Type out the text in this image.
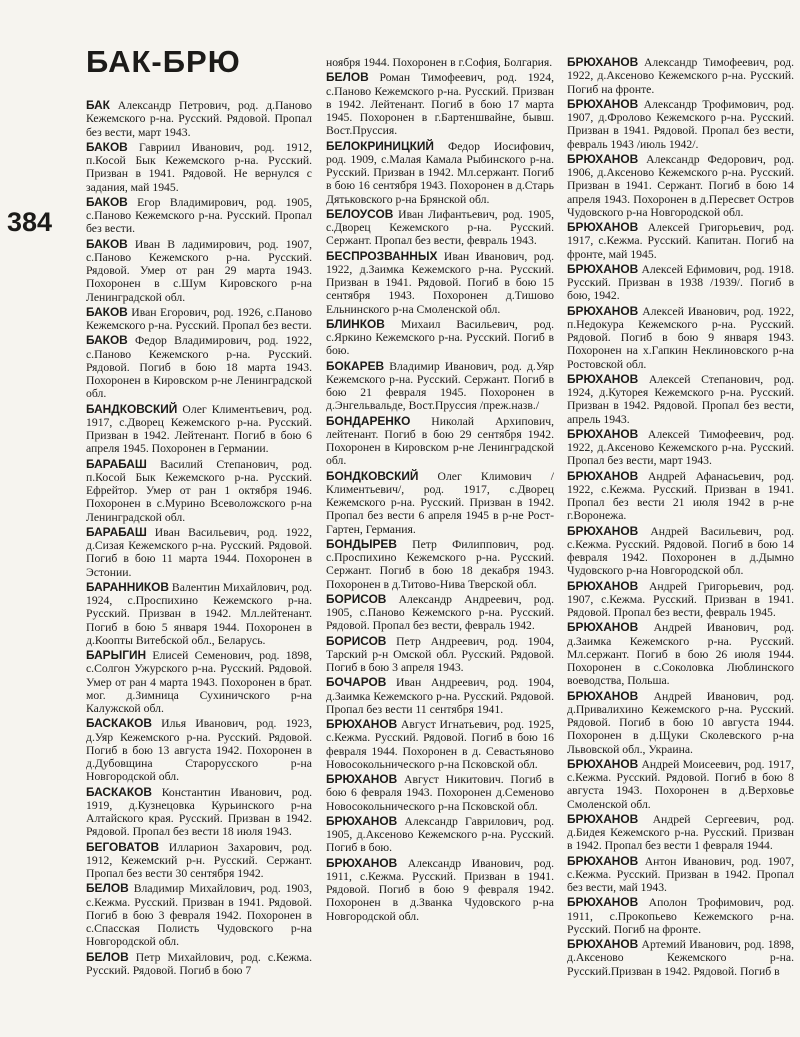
БАК-БРЮ
384
БАК Александр Петрович, род. д.Панoво Кежемского р-на. Русский. Рядовой. Пропал без вести, март 1943.
БАКОВ Гавриил Иванович, род. 1912, п.Косой Бык Кежемского р-на. Русский. Призван в 1941. Рядовой. Не вернулся с задания, май 1945.
БАКОВ Егор Владимирович, род. 1905, с.Паново Кежемского р-на. Русский. Пропал без вести.
БАКОВ Иван В ладимирович, род. 1907, с.Паново Кежемского р-на. Русский. Рядовой. Умер от ран 29 марта 1943. Похоронен в с.Шум Кировского р-на Ленинградской обл.
БАКОВ Иван Егорович, род. 1926, с.Паново Кежемского р-на. Русский. Пропал без вести.
БАКОВ Федор Владимирович, род. 1922, с.Паново Кежемского р-на. Русский. Рядовой. Погиб в бою 18 марта 1943. Похоронен в Кировском р-не Ленинградской обл.
БАНДКОВСКИЙ Олег Климентьевич, род. 1917, с.Дворец Кежемского р-на. Русский. Призван в 1942. Лейтенант. Погиб в бою 6 апреля 1945. Похоронен в Германии.
БАРАБАШ Василий Степанович, род. п.Косой Бык Кежемского р-на. Русский. Ефрейтор. Умер от ран 1 октября 1946. Похоронен в с.Мурино Всеволожского р-на Ленинградской обл.
БАРАБАШ Иван Васильевич, род. 1922, д.Сизая Кежемского р-на. Русский. Рядовой. Погиб в бою 11 марта 1944. Похоронен в Эстонии.
БАРАННИКОВ Валентин Михайлович, род. 1924, с.Проспихино Кежемского р-на. Русский. Призван в 1942. Мл.лейтенант. Погиб в бою 5 января 1944. Похоронен в д.Коопты Витебской обл., Беларусь.
БАРЫГИН Елисей Семенович, род. 1898, с.Солгон Ужурского р-на. Русский. Рядовой. Умер от ран 4 марта 1943. Похоронен в брат. мог. д.Зимница Сухиничского р-на Калужской обл.
БАСКАКОВ Илья Иванович, род. 1923, д.Уяр Кежемского р-на. Русский. Рядовой. Погиб в бою 13 августа 1942. Похоронен в д.Дубовщина Старорусского р-на Новгородской обл.
БАСКАКОВ Константин Иванович, род. 1919, д.Кузнецовка Курьинского р-на Алтайского края. Русский. Призван в 1942. Рядовой. Пропал без вести 18 июля 1943.
БЕГОВАТОВ Илларион Захарович, род. 1912, Кежемский р-н. Русский. Сержант. Пропал без вести 30 сентября 1942.
БЕЛОВ Владимир Михайлович, род. 1903, с.Кежма. Русский. Призван в 1941. Рядовой. Погиб в бою 3 февраля 1942. Похоронен в с.Спасская Полисть Чудовского р-на Новгородской обл.
БЕЛОВ Петр Михайлович, род. с.Кежма. Русский. Рядовой. Погиб в бою 7
ноября 1944. Похоронен в г.София, Болгария.
БЕЛОВ Роман Тимофеевич, род. 1924, с.Паново Кежемского р-на. Русский. Призван в 1942. Лейтенант. Погиб в бою 17 марта 1945. Похоронен в г.Бартеншвайне, бывш. Вост.Пруссия.
БЕЛОКРИНИЦКИЙ Федор Иосифович, род. 1909, с.Малая Камала Рыбинского р-на. Русский. Призван в 1942. Мл.сержант. Погиб в бою 16 сентября 1943. Похоронен в д.Старь Дятьковского р-на Брянской обл.
БЕЛОУСОВ Иван Лифантьевич, род. 1905, с.Дворец Кежемского р-на. Русский. Сержант. Пропал без вести, февраль 1943.
БЕСПРОЗВАННЫХ Иван Иванович, род. 1922, д.Заимка Кежемского р-на. Русский. Призван в 1941. Рядовой. Погиб в бою 15 сентября 1943. Похоронен д.Тишово Ельнинского р-на Смоленской обл.
БЛИНКОВ Михаил Васильевич, род. с.Яркино Кежемского р-на. Русский. Погиб в бою.
БОКАРЕВ Владимир Иванович, род. д.Уяр Кежемского р-на. Русский. Сержант. Погиб в бою 21 февраля 1945. Похоронен в д.Энгельвальде, Вост.Пруссия /прeж.назв./
БОНДАРЕНКО Николай Архипович, лейтенант. Погиб в бою 29 сентября 1942. Похоронен в Кировском р-не Ленинградской обл.
БОНДКОВСКИЙ Олег Климович /Климентьевич/, род. 1917, с.Дворец Кежемского р-на. Русский. Призван в 1942. Пропал без вести 6 апреля 1945 в р-не Рост-Гартен, Германия.
БОНДЫРЕВ Петр Филиппович, род. с.Проспихино Кежемского р-на. Русский. Сержант. Погиб в бою 18 декабря 1943. Похоронен в д.Титово-Нива Тверской обл.
БОРИСОВ Александр Андреевич, род. 1905, с.Паново Кежемского р-на. Русский. Рядовой. Пропал без вести, февраль 1942.
БОРИСОВ Петр Андреевич, род. 1904, Тарский р-н Омской обл. Русский. Рядовой. Погиб в бою 3 апреля 1943.
БОЧАРОВ Иван Андреевич, род. 1904, д.Заимка Кежемского р-на. Русский. Рядовой. Пропал без вести 11 сентября 1941.
БРЮХАНОВ Август Игнатьевич, род. 1925, с.Кежма. Русский. Рядовой. Погиб в бою 16 февраля 1944. Похоронен в д. Севастьяново Новосокольнического р-на Псковской обл.
БРЮХАНОВ Август Никитович. Погиб в бою 6 февраля 1943. Похоронен д.Семеново Новосокольнического р-на Псковской обл.
БРЮХАНОВ Александр Гаврилович, род. 1905, д.Аксеново Кежемского р-на. Русский. Погиб в бою.
БРЮХАНОВ Александр Иванович, род. 1911, с.Кежма. Русский. Призван в 1941. Рядовой. Погиб в бою 9 февраля 1942. Похоронен в д.Званка Чудовского р-на Новгородской обл.
БРЮХАНОВ Александр Тимофеевич, род. 1922, д.Аксеново Кежемского р-на. Русский. Погиб на фронте.
БРЮХАНОВ Александр Трофимович, род. 1907, д.Фролово Кежемского р-на. Русский. Призван в 1941. Рядовой. Пропал без вести, февраль 1943 /июль 1942/.
БРЮХАНОВ Александр Федорович, род. 1906, д.Аксеново Кежемского р-на. Русский. Призван в 1941. Сержант. Погиб в бою 14 апреля 1943. Похоронен в д.Пересвет Остров Чудовского р-на Новгородской обл.
БРЮХАНОВ Алексей Григорьевич, род. 1917, с.Кежма. Русский. Капитан. Погиб на фронте, май 1945.
БРЮХАНОВ Алексей Ефимович, род. 1918. Русский. Призван в 1938 /1939/. Погиб в бою, 1942.
БРЮХАНОВ Алексей Иванович, род. 1922, п.Недокура Кежемского р-на. Русский. Рядовой. Погиб в бою 9 января 1943. Похоронен на х.Гапкин Неклиновского р-на Ростовской обл.
БРЮХАНОВ Алексей Степанович, род. 1924, д.Куторея Кежемского р-на. Русский. Призван в 1942. Рядовой. Пропал без вести, апрель 1943.
БРЮХАНОВ Алексей Тимофеевич, род. 1922, д.Аксеново Кежемского р-на. Русский. Пропал без вести, март 1943.
БРЮХАНОВ Андрей Афанасьевич, род. 1922, с.Кежма. Русский. Призван в 1941. Пропал без вести 21 июля 1942 в р-не г.Воронежа.
БРЮХАНОВ Андрей Васильевич, род. с.Кежма. Русский. Рядовой. Погиб в бою 14 февраля 1942. Похоронен в д.Дымно Чудовского р-на Новгородской обл.
БРЮХАНОВ Андрей Григорьевич, род. 1907, с.Кежма. Русский. Призван в 1941. Рядовой. Пропал без вести, февраль 1945.
БРЮХАНОВ Андрей Иванович, род. д.Заимка Кежемского р-на. Русский. Мл.сержант. Погиб в бою 26 июля 1944. Похоронен в с.Соколовка Люблинского воеводства, Польша.
БРЮХАНОВ Андрей Иванович, род. д.Привалихино Кежемского р-на. Русский. Рядовой. Погиб в бою 10 августа 1944. Похоронен в д.Щуки Сколевского р-на Львовской обл., Украина.
БРЮХАНОВ Андрей Моисеевич, род. 1917, с.Кежма. Русский. Рядовой. Погиб в бою 8 августа 1943. Похоронен в д.Верховье Смоленской обл.
БРЮХАНОВ Андрей Сергеевич, род. д.Бидея Кежемского р-на. Русский. Призван в 1942. Пропал без вести 1 февраля 1944.
БРЮХАНОВ Антон Иванович, род. 1907, с.Кежма. Русский. Призван в 1942. Пропал без вести, май 1943.
БРЮХАНОВ Аполон Трофимович, род. 1911, с.Прокопьево Кежемского р-на. Русский. Погиб на фронте.
БРЮХАНОВ Артемий Иванович, род. 1898, д.Аксеново Кежемского р-на. Русский.Призван в 1942. Рядовой. Погиб в
